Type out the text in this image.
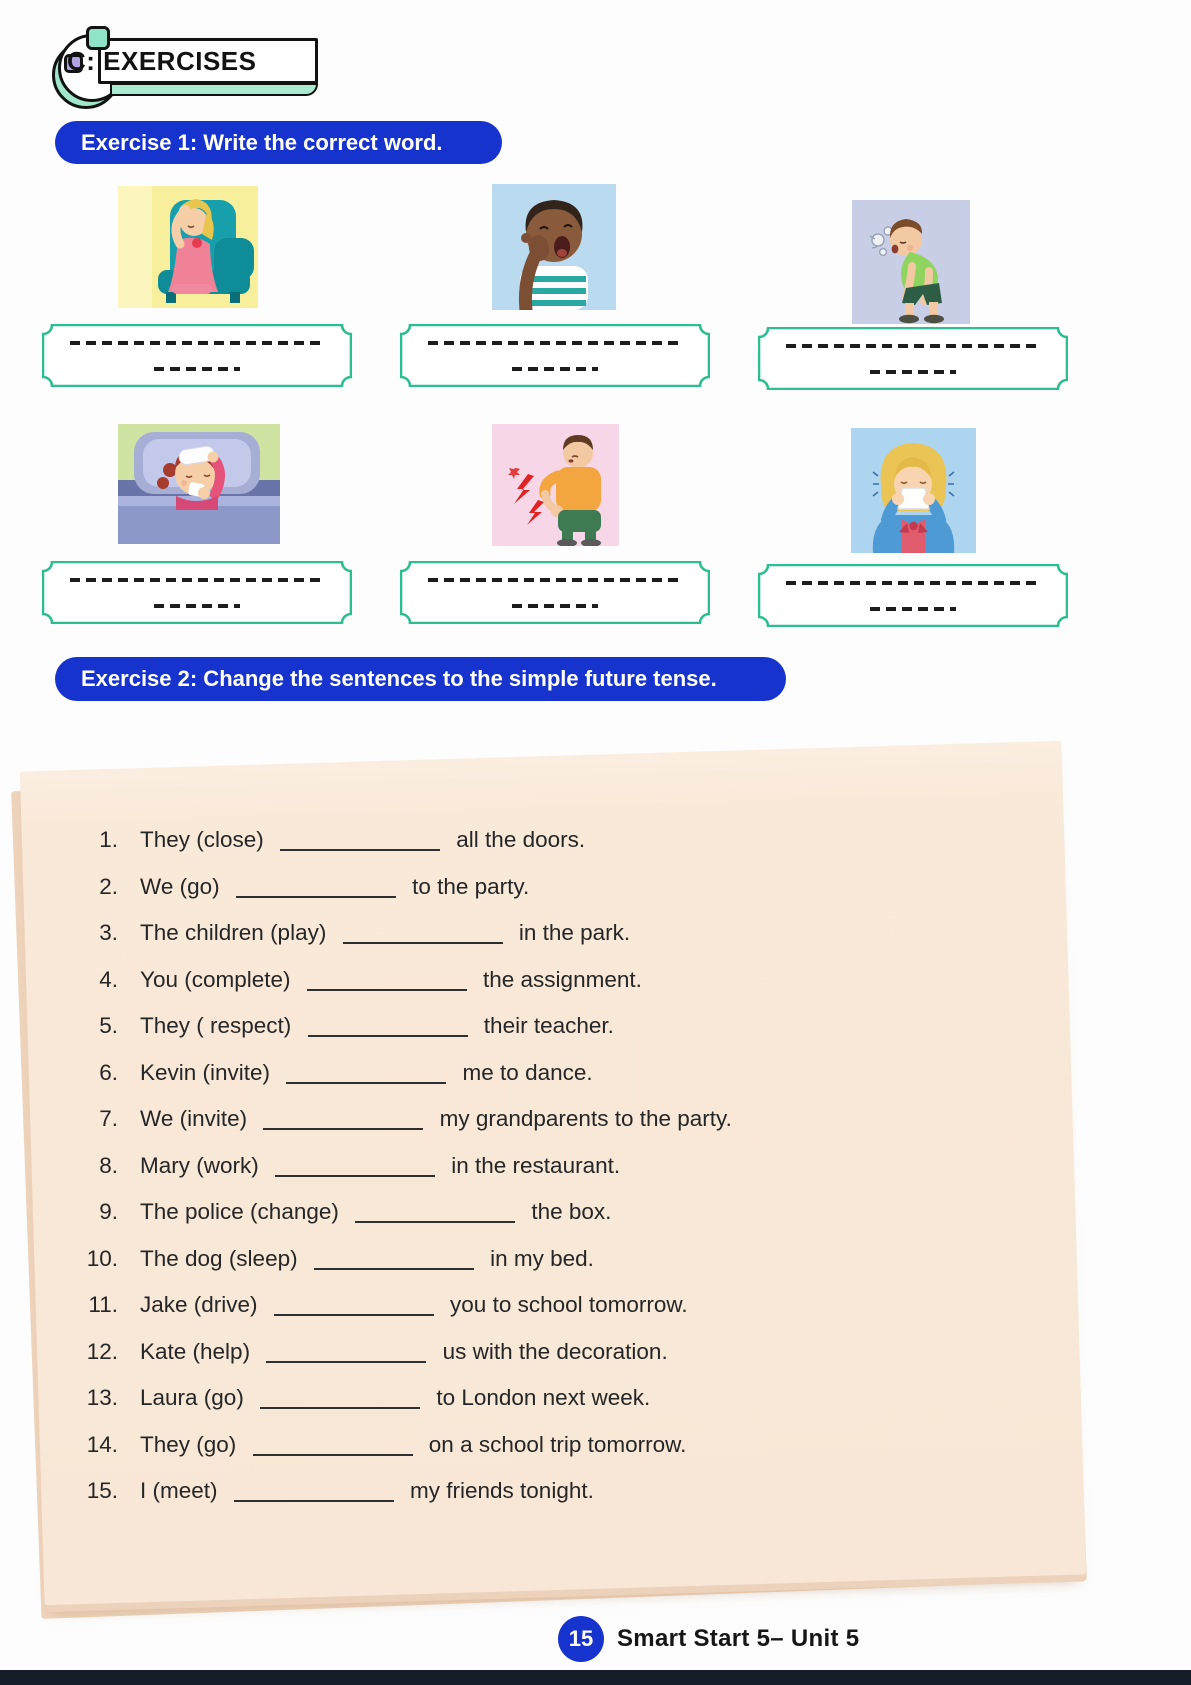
C: EXERCISES
Exercise 1: Write the correct word.
Exercise 2: Change the sentences to the simple future tense.
1. They (close)	all the doors.
2. We (go)	to the party.
3. The children (play)	in the park.
4. You (complete)	the assignment.
5. They ( respect)	their teacher.
6. Kevin (invite)	me to dance.
7. We (invite)	my grandparents to the party.
8. Mary (work)	in the restaurant.
9. The police (change)	the box.
10. The dog (sleep)	in my bed.
11. Jake (drive)	you to school tomorrow.
12. Kate (help)	us with the decoration.
13. Laura (go)	to London next week.
14. They (go)	on a school trip tomorrow.
15. I (meet)	my friends tonight.
15 Smart Start 5– Unit 5
